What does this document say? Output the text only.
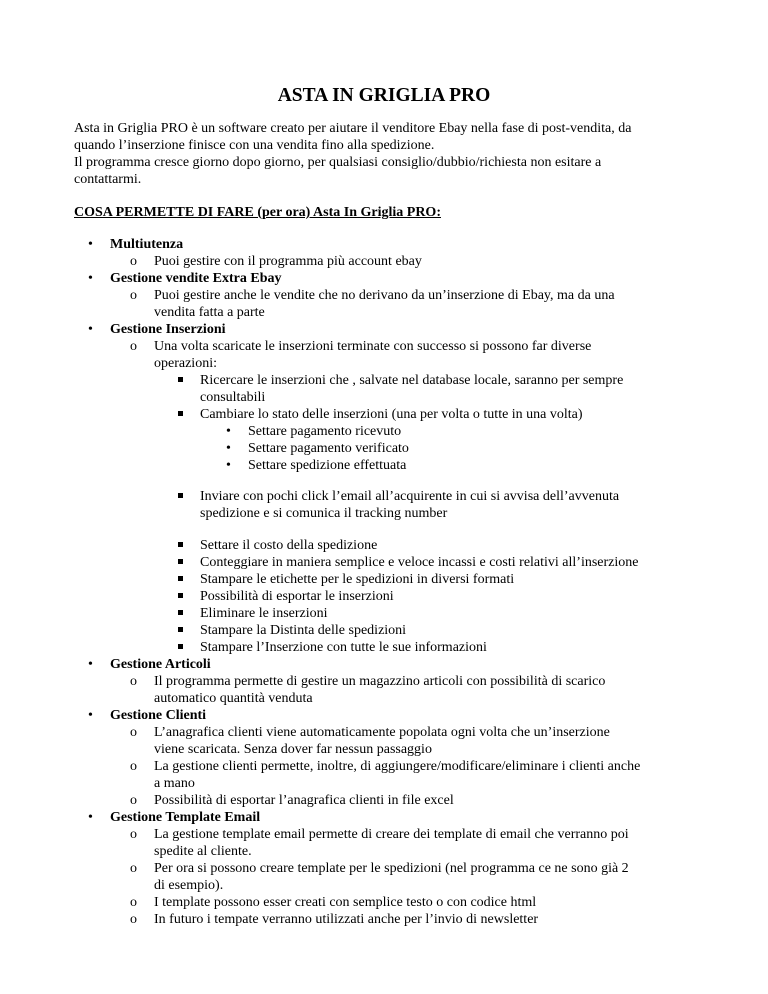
ASTA IN GRIGLIA PRO

Asta in Griglia PRO è un software creato per aiutare il venditore Ebay nella fase di post-vendita, da

quando l’inserzione finisce con una vendita fino alla spedizione.

Il programma cresce giorno dopo giorno, per qualsiasi consiglio/dubbio/richiesta non esitare a

contattarmi.

COSA PERMETTE DI FARE (per ora) Asta In Griglia PRO:
• Multiutenza
o Puoi gestire con il programma più account ebay
• Gestione vendite Extra Ebay
o Puoi gestire anche le vendite che no derivano da un’inserzione di Ebay, ma da una
vendita fatta a parte
• Gestione Inserzioni
o Una volta scaricate le inserzioni terminate con successo si possono far diverse
operazioni:
Ricercare le inserzioni che , salvate nel database locale, saranno per sempre
consultabili
Cambiare lo stato delle inserzioni (una per volta o tutte in una volta)
• Settare pagamento ricevuto
• Settare pagamento verificato
• Settare spedizione effettuata
Inviare con pochi click l’email all’acquirente in cui si avvisa dell’avvenuta
spedizione e si comunica il tracking number
Settare il costo della spedizione
Conteggiare in maniera semplice e veloce incassi e costi relativi all’inserzione
Stampare le etichette per le spedizioni in diversi formati
Possibilità di esportar le inserzioni
Eliminare le inserzioni
Stampare la Distinta delle spedizioni
Stampare l’Inserzione con tutte le sue informazioni
• Gestione Articoli
o Il programma permette di gestire un magazzino articoli con possibilità di scarico
automatico quantità venduta
• Gestione Clienti
o L’anagrafica clienti viene automaticamente popolata ogni volta che un’inserzione
viene scaricata. Senza dover far nessun passaggio
o La gestione clienti permette, inoltre, di aggiungere/modificare/eliminare i clienti anche
a mano
o Possibilità di esportar l’anagrafica clienti in file excel
• Gestione Template Email
o La gestione template email permette di creare dei template di email che verranno poi
spedite al cliente.
o Per ora si possono creare template per le spedizioni (nel programma ce ne sono già 2
di esempio).
o I template possono esser creati con semplice testo o con codice html
o In futuro i tempate verranno utilizzati anche per l’invio di newsletter
